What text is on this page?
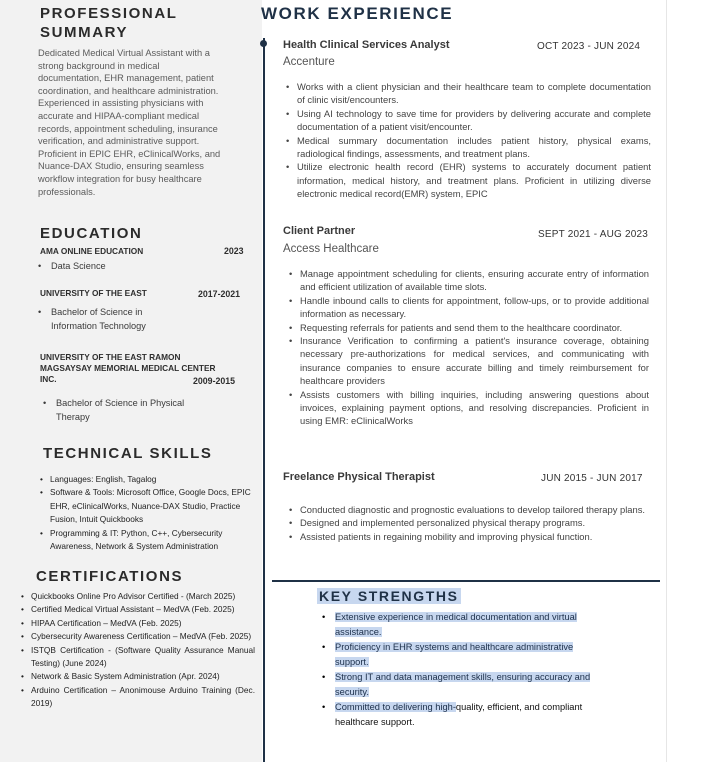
PROFESSIONAL
SUMMARY
Dedicated Medical Virtual Assistant with a strong background in medical documentation, EHR management, patient coordination, and healthcare administration. Experienced in assisting physicians with accurate and HIPAA-compliant medical records, appointment scheduling, insurance verification, and administrative support. Proficient in EPIC EHR, eClinicalWorks, and Nuance-DAX Studio, ensuring seamless workflow integration for busy healthcare professionals.
EDUCATION
AMA ONLINE EDUCATION	2023
• Data Science
UNIVERSITY OF THE EAST	2017-2021
• Bachelor of Science in Information Technology
UNIVERSITY OF THE EAST RAMON MAGSAYSAY MEMORIAL MEDICAL CENTER INC.	2009-2015
• Bachelor of Science in Physical Therapy
TECHNICAL SKILLS
• Languages: English, Tagalog
• Software & Tools: Microsoft Office, Google Docs, EPIC EHR, eClinicalWorks, Nuance-DAX Studio, Practice Fusion, Intuit Quickbooks
• Programming & IT: Python, C++, Cybersecurity Awareness, Network & System Administration
CERTIFICATIONS
• Quickbooks Online Pro Advisor Certified - (March 2025)
• Certified Medical Virtual Assistant – MedVA (Feb. 2025)
• HIPAA Certification – MedVA (Feb. 2025)
• Cybersecurity Awareness Certification – MedVA (Feb. 2025)
• ISTQB Certification - (Software Quality Assurance Manual Testing) (June 2024)
• Network & Basic System Administration (Apr. 2024)
• Arduino Certification – Anonimouse Arduino Training (Dec. 2019)
WORK EXPERIENCE
Health Clinical Services Analyst	OCT 2023 - JUN 2024
Accenture
• Works with a client physician and their healthcare team to complete documentation of clinic visit/encounters.
• Using AI technology to save time for providers by delivering accurate and complete documentation of a patient visit/encounter.
• Medical summary documentation includes patient history, physical exams, radiological findings, assessments, and treatment plans.
• Utilize electronic health record (EHR) systems to accurately document patient information, medical history, and treatment plans. Proficient in utilizing diverse electronic medical record(EMR) system, EPIC
Client Partner	SEPT 2021 - AUG 2023
Access Healthcare
• Manage appointment scheduling for clients, ensuring accurate entry of information and efficient utilization of available time slots.
• Handle inbound calls to clients for appointment, follow-ups, or to provide additional information as necessary.
• Requesting referrals for patients and send them to the healthcare coordinator.
• Insurance Verification to confirming a patient's insurance coverage, obtaining necessary pre-authorizations for medical services, and communicating with insurance companies to ensure accurate billing and timely reimbursement for healthcare providers
• Assists customers with billing inquiries, including answering questions about invoices, explaining payment options, and resolving discrepancies. Proficient in using EMR: eClinicalWorks
Freelance Physical Therapist	JUN 2015 - JUN 2017
• Conducted diagnostic and prognostic evaluations to develop tailored therapy plans.
• Designed and implemented personalized physical therapy programs.
• Assisted patients in regaining mobility and improving physical function.
KEY STRENGTHS
• Extensive experience in medical documentation and virtual assistance.
• Proficiency in EHR systems and healthcare administrative support.
• Strong IT and data management skills, ensuring accuracy and security.
• Committed to delivering high-quality, efficient, and compliant healthcare support.
